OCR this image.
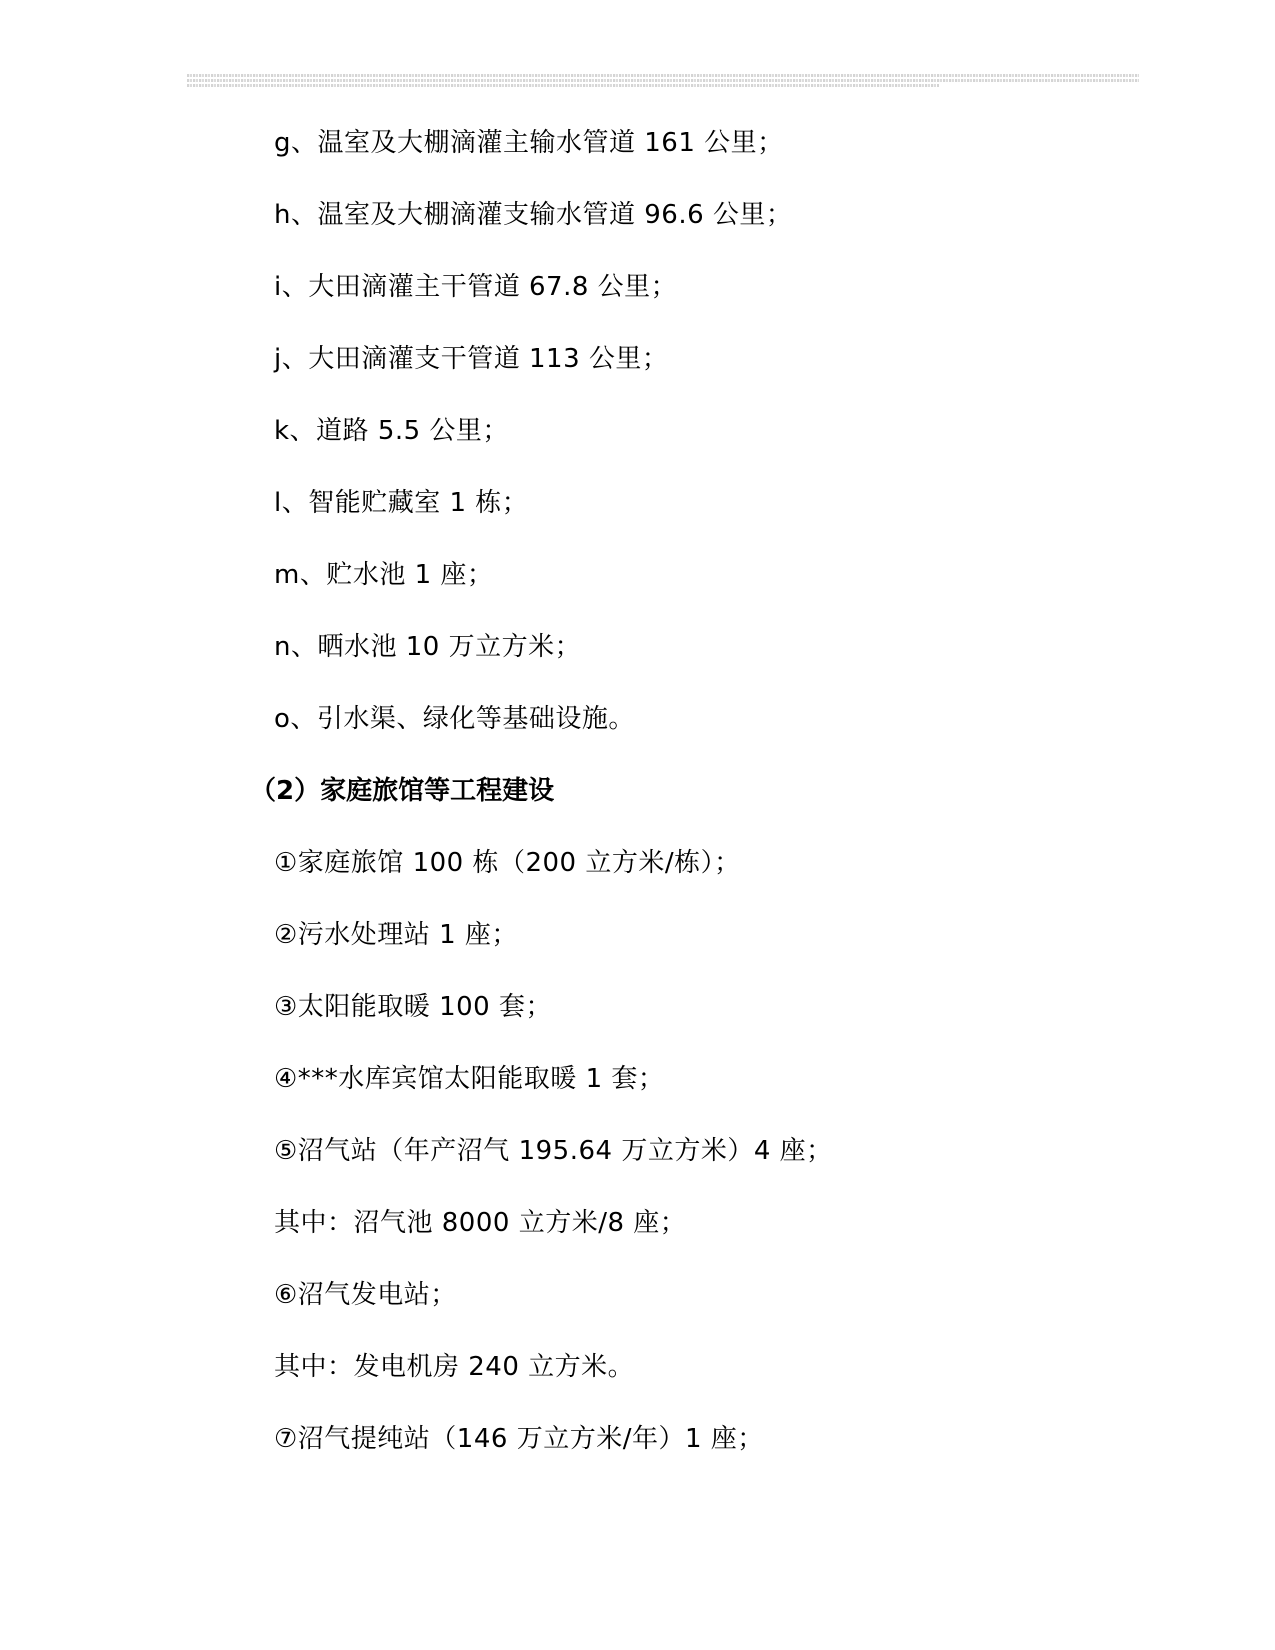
g、温室及大棚滴灌主输水管道 161 公里；
h、温室及大棚滴灌支输水管道 96.6 公里；
i、大田滴灌主干管道 67.8 公里；
j、大田滴灌支干管道 113 公里；
k、道路 5.5 公里；
l、智能贮藏室 1 栋；
m、贮水池 1 座；
n、晒水池 10 万立方米；
o、引水渠、绿化等基础设施。
（2）家庭旅馆等工程建设
①家庭旅馆 100 栋（200 立方米/栋）；
②污水处理站 1 座；
③太阳能取暖 100 套；
④***水库宾馆太阳能取暖 1 套；
⑤沼气站（年产沼气 195.64 万立方米）4 座；
其中：沼气池 8000 立方米/8 座；
⑥沼气发电站；
其中：发电机房 240 立方米。
⑦沼气提纯站（146 万立方米/年）1 座；
